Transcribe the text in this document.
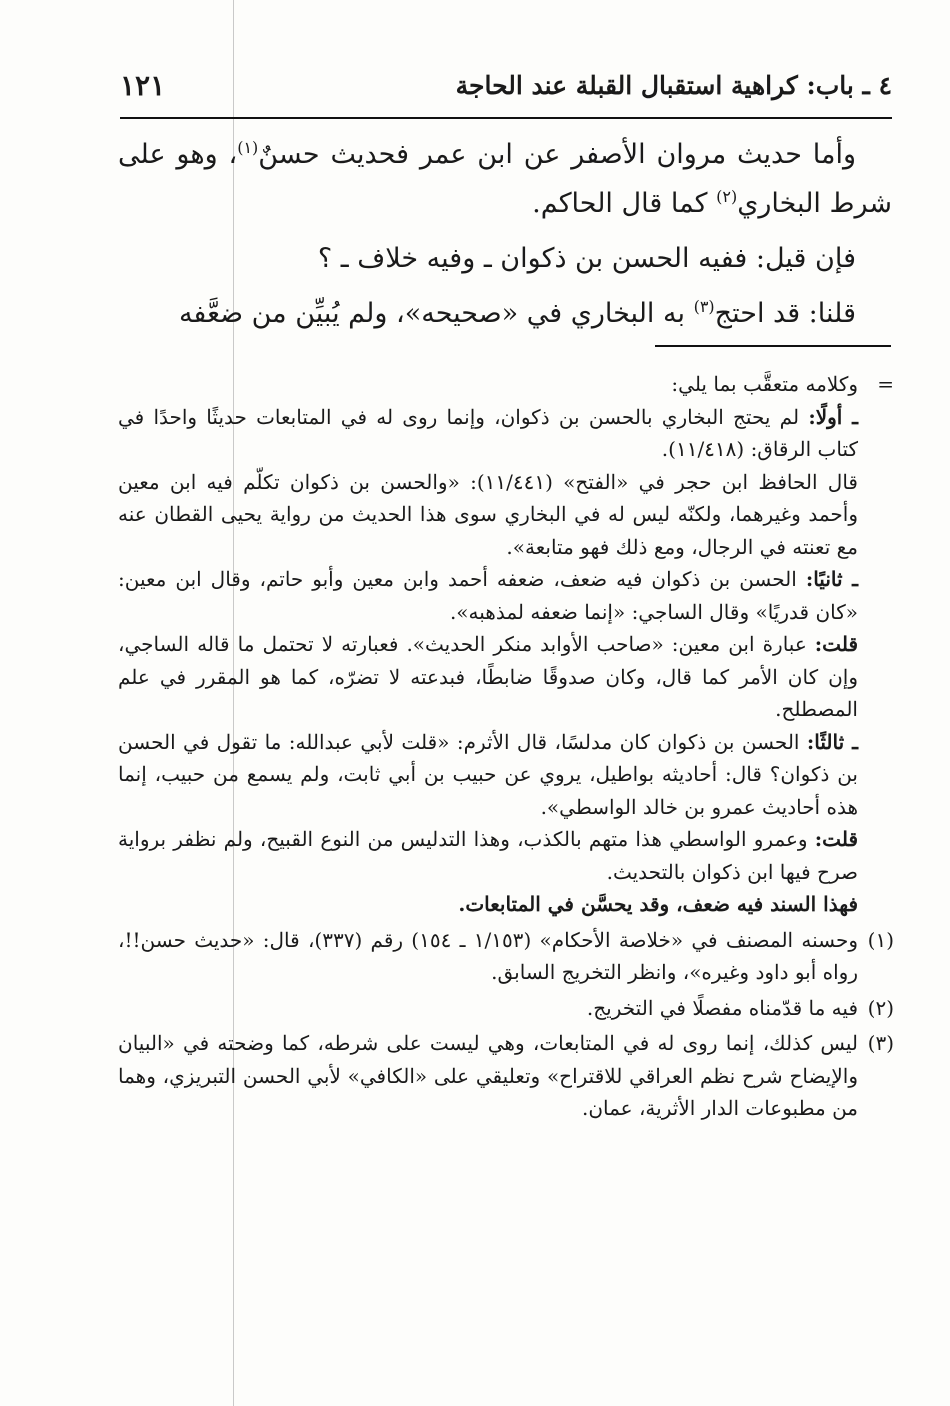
٤ ـ باب: كراهية استقبال القبلة عند الحاجة
١٢١

وأما حديث مروان الأصفر عن ابن عمر فحديث حسنٌ$^{(١)}$، وهو على شرط البخاري$^{(٢)}$ كما قال الحاكم.

فإن قيل: ففيه الحسن بن ذكوان ـ وفيه خلاف ـ ؟

قلنا: قد احتج$^{(٣)}$ به البخاري في «صحيحه»، ولم يُبيِّن من ضعَّفه

=
وكلامه متعقَّب بما يلي:

ـ أولًا: لم يحتج البخاري بالحسن بن ذكوان، وإنما روى له في المتابعات حديثًا واحدًا في كتاب الرقاق: (١١/٤١٨).

قال الحافظ ابن حجر في «الفتح» (١١/٤٤١): «والحسن بن ذكوان تكلّم فيه ابن معين وأحمد وغيرهما، ولكنّه ليس له في البخاري سوى هذا الحديث من رواية يحيى القطان عنه مع تعنته في الرجال، ومع ذلك فهو متابعة».

ـ ثانيًا: الحسن بن ذكوان فيه ضعف، ضعفه أحمد وابن معين وأبو حاتم، وقال ابن معين: «كان قدريًا» وقال الساجي: «إنما ضعفه لمذهبه».

قلت: عبارة ابن معين: «صاحب الأوابد منكر الحديث». فعبارته لا تحتمل ما قاله الساجي، وإن كان الأمر كما قال، وكان صدوقًا ضابطًا، فبدعته لا تضرّه، كما هو المقرر في علم المصطلح.

ـ ثالثًا: الحسن بن ذكوان كان مدلسًا، قال الأثرم: «قلت لأبي عبدالله: ما تقول في الحسن بن ذكوان؟ قال: أحاديثه بواطيل، يروي عن حبيب بن أبي ثابت، ولم يسمع من حبيب، إنما هذه أحاديث عمرو بن خالد الواسطي».

قلت: وعمرو الواسطي هذا متهم بالكذب، وهذا التدليس من النوع القبيح، ولم نظفر برواية صرح فيها ابن ذكوان بالتحديث.

فهذا السند فيه ضعف، وقد يحسَّن في المتابعات.

(١)
وحسنه المصنف في «خلاصة الأحكام» (١/١٥٣ ـ ١٥٤) رقم (٣٣٧)، قال: «حديث حسن!!، رواه أبو داود وغيره»، وانظر التخريج السابق.

(٢)
فيه ما قدّمناه مفصلًا في التخريج.

(٣)
ليس كذلك، إنما روى له في المتابعات، وهي ليست على شرطه، كما وضحته في «البيان والإيضاح شرح نظم العراقي للاقتراح» وتعليقي على «الكافي» لأبي الحسن التبريزي، وهما من مطبوعات الدار الأثرية، عمان.
